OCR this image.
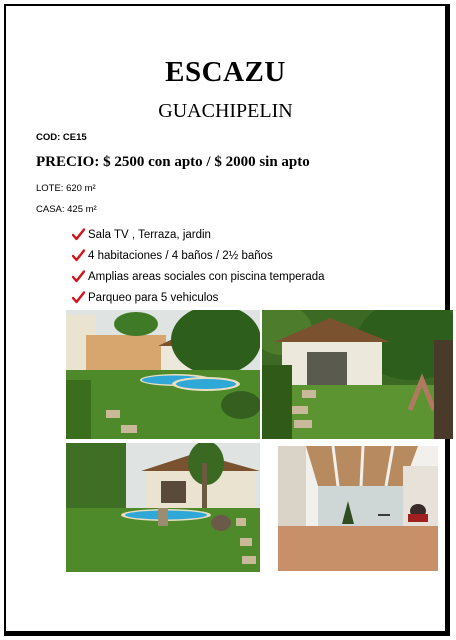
ESCAZU
GUACHIPELIN
COD: CE15
PRECIO: $ 2500 con apto / $ 2000 sin apto
LOTE: 620 m²
CASA: 425 m²
Sala TV , Terraza, jardin
4 habitaciones / 4 baños / 2½ baños
Amplias areas sociales con piscina temperada
Parqueo para 5 vehiculos
